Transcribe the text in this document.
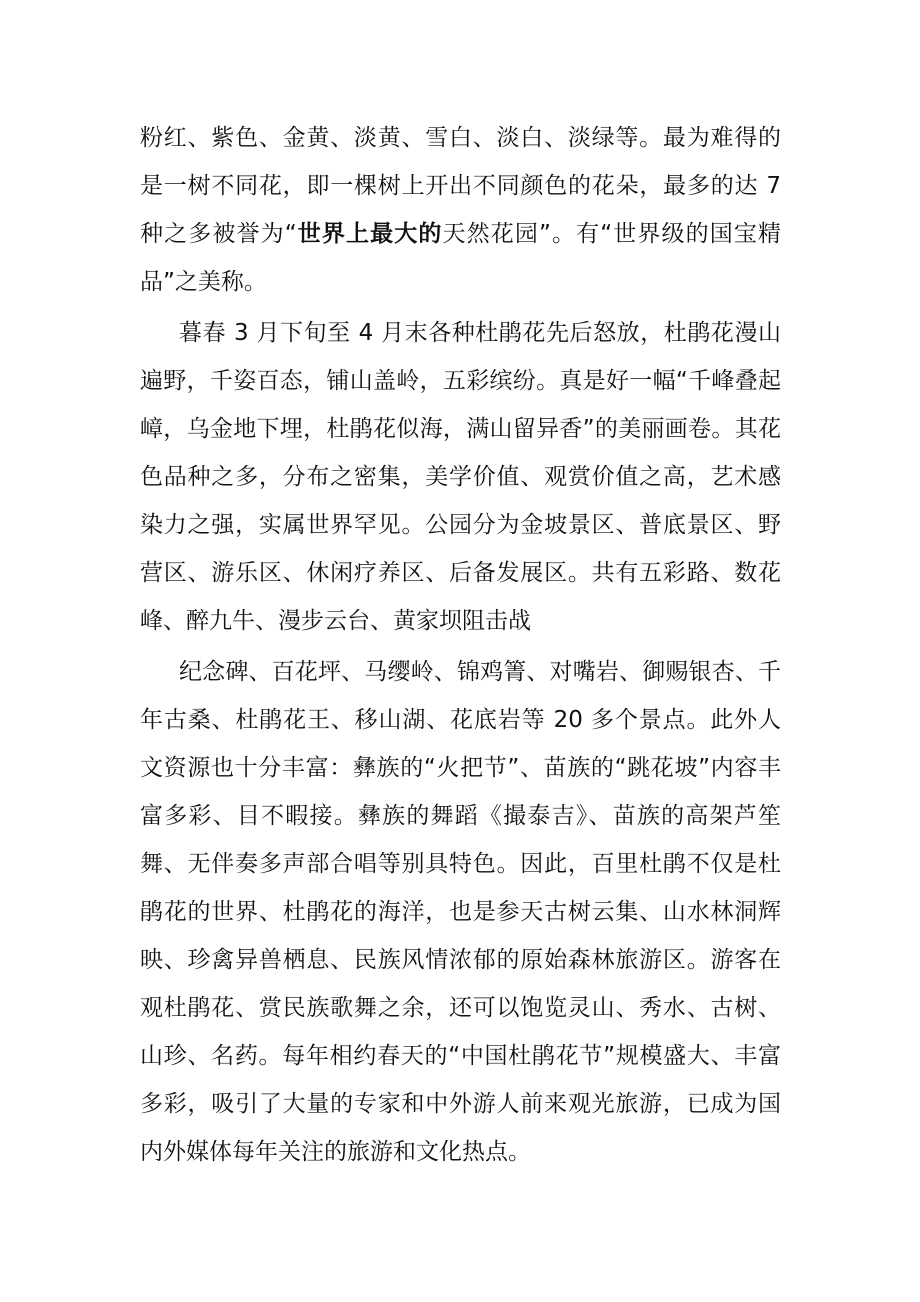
粉红、紫色、金黄、淡黄、雪白、淡白、淡绿等。最为难得的是一树不同花，即一棵树上开出不同颜色的花朵，最多的达 7 种之多被誉为“世界上最大的天然花园”。有“世界级的国宝精品”之美称。

暮春 3 月下旬至 4 月末各种杜鹃花先后怒放，杜鹃花漫山遍野，千姿百态，铺山盖岭，五彩缤纷。真是好一幅“千峰叠起嶂，乌金地下埋，杜鹃花似海，满山留异香”的美丽画卷。其花色品种之多，分布之密集，美学价值、观赏价值之高，艺术感染力之强，实属世界罕见。公园分为金坡景区、普底景区、野营区、游乐区、休闲疗养区、后备发展区。共有五彩路、数花峰、醉九牛、漫步云台、黄家坝阻击战

纪念碑、百花坪、马缨岭、锦鸡箐、对嘴岩、御赐银杏、千年古桑、杜鹃花王、移山湖、花底岩等 20 多个景点。此外人文资源也十分丰富：彝族的“火把节”、苗族的“跳花坡”内容丰富多彩、目不暇接。彝族的舞蹈《撮泰吉》、苗族的高架芦笙舞、无伴奏多声部合唱等别具特色。因此，百里杜鹃不仅是杜鹃花的世界、杜鹃花的海洋，也是参天古树云集、山水林洞辉映、珍禽异兽栖息、民族风情浓郁的原始森林旅游区。游客在观杜鹃花、赏民族歌舞之余，还可以饱览灵山、秀水、古树、山珍、名药。每年相约春天的“中国杜鹃花节”规模盛大、丰富多彩，吸引了大量的专家和中外游人前来观光旅游，已成为国内外媒体每年关注的旅游和文化热点。
